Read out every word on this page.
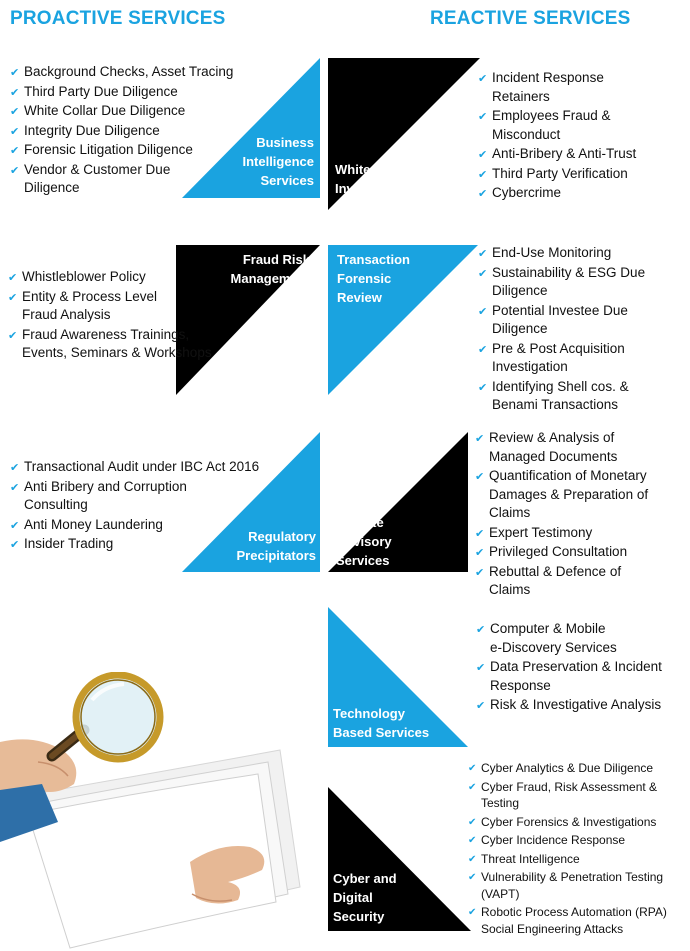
PROACTIVE SERVICES	REACTIVE SERVICES
Business
Intelligence
Services
White Collar
Investigations
✔ Background Checks, Asset Tracing
✔ Third Party Due Diligence
✔ White Collar Due Diligence
✔ Integrity Due Diligence
✔ Forensic Litigation Diligence
✔ Vendor & Customer Due
Diligence
✔ Incident Response
Retainers
✔ Employees Fraud &
Misconduct
✔ Anti-Bribery & Anti-Trust
✔ Third Party Verification
✔ Cybercrime
Fraud Risk
Management
Transaction
Forensic
Review
✔ Whistleblower Policy
✔ Entity & Process Level
Fraud Analysis
✔ Fraud Awareness Trainings,
Events, Seminars & Workshops
✔ End-Use Monitoring
✔ Sustainability & ESG Due
Diligence
✔ Potential Investee Due
Diligence
✔ Pre & Post Acquisition
Investigation
✔ Identifying Shell cos. &
Benami Transactions
Regulatory
Precipitators
Dispute
Advisory
Services
✔ Transactional Audit under IBC Act 2016
✔ Anti Bribery and Corruption
Consulting
✔ Anti Money Laundering
✔ Insider Trading
✔ Review & Analysis of
Managed Documents
✔ Quantification of Monetary
Damages & Preparation of
Claims
✔ Expert Testimony
✔ Privileged Consultation
✔ Rebuttal & Defence of
Claims
Technology
Based Services
✔ Computer & Mobile
e-Discovery Services
✔ Data Preservation & Incident
Response
✔ Risk & Investigative Analysis
Cyber and
Digital
Security
✔ Cyber Analytics & Due Diligence
✔ Cyber Fraud, Risk Assessment &
Testing
✔ Cyber Forensics & Investigations
✔ Cyber Incidence Response
✔ Threat Intelligence
✔ Vulnerability & Penetration Testing
(VAPT)
✔ Robotic Process Automation (RPA)
Social Engineering Attacks
